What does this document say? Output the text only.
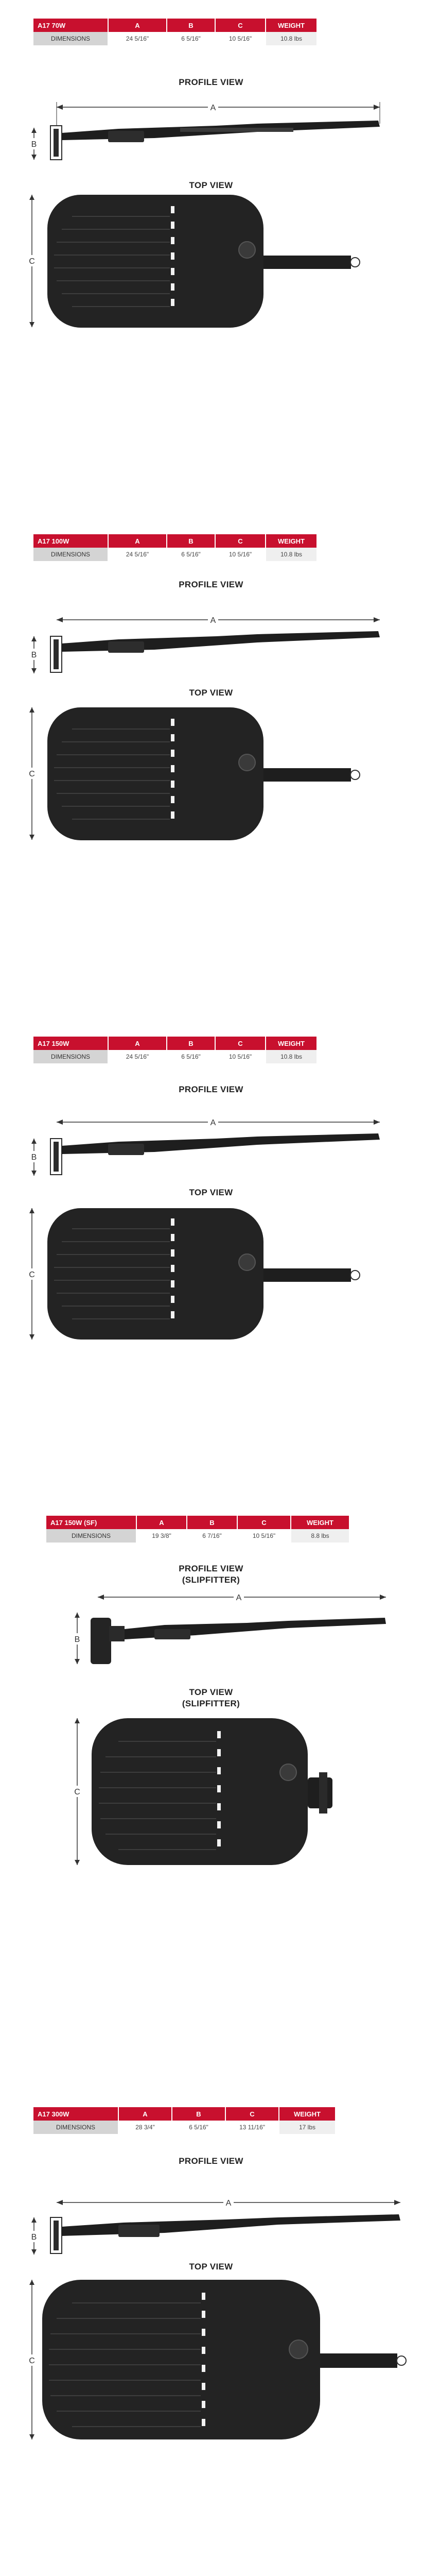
A17 70W	A	B	C	WEIGHT
DIMENSIONS	24 5/16"	6 5/16"	10 5/16"	10.8 lbs
PROFILE VIEW
A
B
TOP VIEW
C
A17 100W	A	B	C	WEIGHT
DIMENSIONS	24 5/16"	6 5/16"	10 5/16"	10.8 lbs
PROFILE VIEW
A
B
TOP VIEW
C
A17 150W	A	B	C	WEIGHT
DIMENSIONS	24 5/16"	6 5/16"	10 5/16"	10.8 lbs
PROFILE VIEW
A
B
TOP VIEW
C
A17 150W (SF)	A	B	C	WEIGHT
DIMENSIONS	19 3/8"	6 7/16"	10 5/16"	8.8 lbs
PROFILE VIEW
(SLIPFITTER)
A
B
TOP VIEW
(SLIPFITTER)
C
A17 300W	A	B	C	WEIGHT
DIMENSIONS	28 3/4"	6 5/16"	13 11/16"	17 lbs
PROFILE VIEW
A
B
TOP VIEW
C
